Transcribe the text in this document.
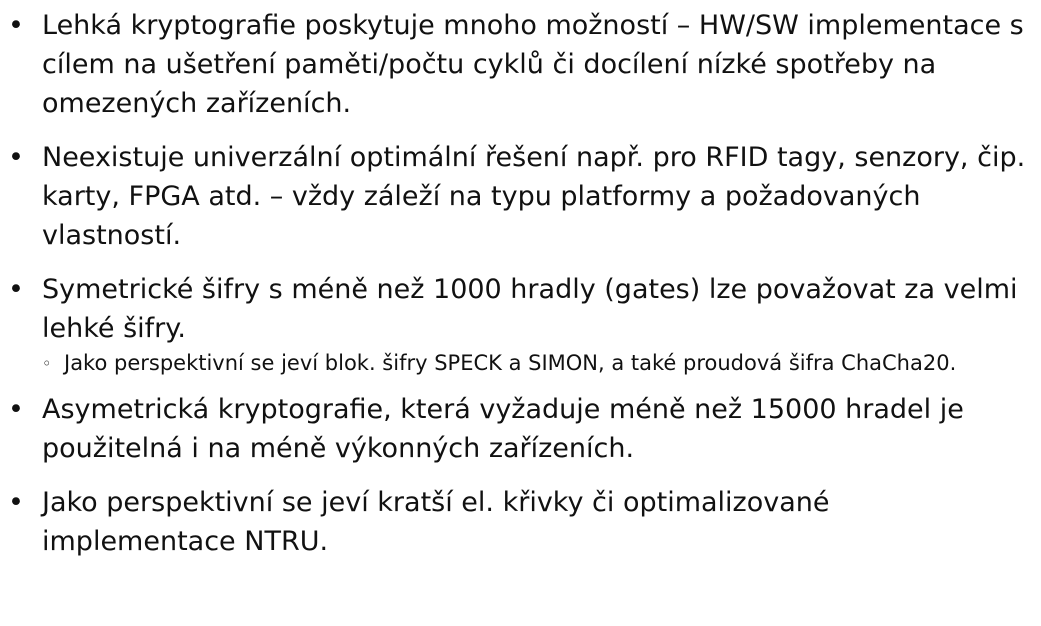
• Lehká kryptografie poskytuje mnoho možností – HW/SW implementace s cílem na ušetření paměti/počtu cyklů či docílení nízké spotřeby na omezených zařízeních.
• Neexistuje univerzální optimální řešení např. pro RFID tagy, senzory, čip. karty, FPGA atd. – vždy záleží na typu platformy a požadovaných vlastností.
• Symetrické šifry s méně než 1000 hradly (gates) lze považovat za velmi lehké šifry.
◦ Jako perspektivní se jeví blok. šifry SPECK a SIMON, a také proudová šifra ChaCha20.
• Asymetrická kryptografie, která vyžaduje méně než 15000 hradel je použitelná i na méně výkonných zařízeních.
• Jako perspektivní se jeví kratší el. křivky či optimalizované implementace NTRU.
